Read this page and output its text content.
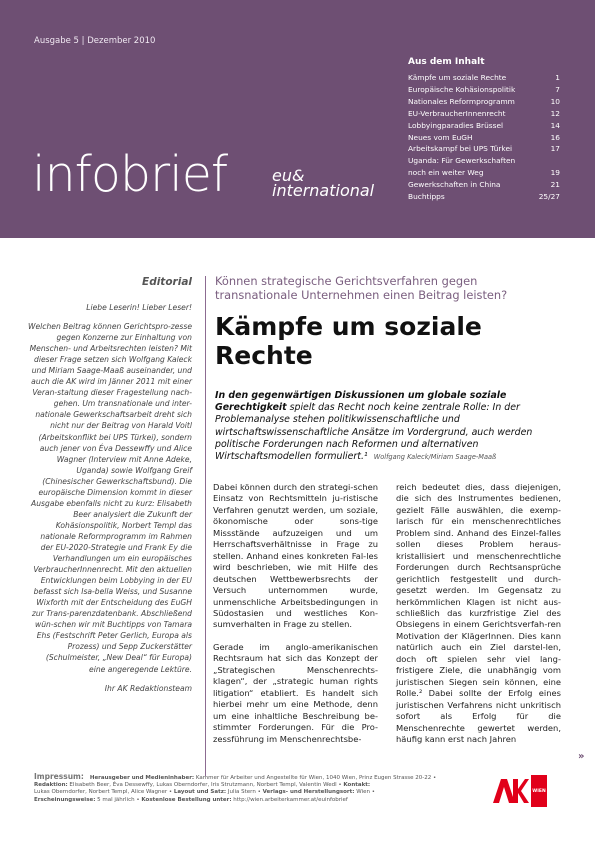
Ausgabe 5 | Dezember 2010
infobrief	eu&
international
Aus dem Inhalt
Kämpfe um soziale Rechte	1
Europäische Kohäsionspolitik	7
Nationales Reformprogramm	10
EU-VerbraucherInnenrecht	12
Lobbyingparadies Brüssel	14
Neues vom EuGH	16
Arbeitskampf bei UPS Türkei	17
Uganda: Für Gewerkschaften
noch ein weiter Weg	19
Gewerkschaften in China	21
Buchtipps	25/27
Editorial

Liebe Leserin! Lieber Leser!

Welchen Beitrag können Gerichtspro-zesse gegen Konzerne zur Einhaltung von Menschen- und Arbeitsrechten leisten? Mit dieser Frage setzen sich Wolfgang Kaleck und Miriam Saage-Maaß auseinander, und auch die AK wird im Jänner 2011 mit einer Veran-staltung dieser Fragestellung nach-gehen. Um transnationale und inter-nationale Gewerkschaftsarbeit dreht sich nicht nur der Beitrag von Harald Voitl (Arbeitskonflikt bei UPS Türkei), sondern auch jener von Éva Dessewffy und Alice Wagner (Interview mit Anne Adeke, Uganda) sowie Wolfgang Greif (Chinesischer Gewerkschaftsbund). Die europäische Dimension kommt in dieser Ausgabe ebenfalls nicht zu kurz: Elisabeth Beer analysiert die Zukunft der Kohäsionspolitik, Norbert Templ das nationale Reformprogramm im Rahmen der EU-2020-Strategie und Frank Ey die Verhandlungen um ein europäisches VerbraucherInnenrecht. Mit den aktuellen Entwicklungen beim Lobbying in der EU befasst sich Isa-bella Weiss, und Susanne Wixforth mit der Entscheidung des EuGH zur Trans-parenzdatenbank. Abschließend wün-schen wir mit Buchtipps von Tamara Ehs (Festschrift Peter Gerlich, Europa als Prozess) und Sepp Zuckerstätter (Schulmeister, „New Deal“ für Europa) eine angeregende Lektüre.

Ihr AK Redaktionsteam

Können strategische Gerichtsverfahren gegen transnationale Unternehmen einen Beitrag leisten?
Kämpfe um soziale Rechte
In den gegenwärtigen Diskussionen um globale soziale Gerechtigkeit spielt das Recht noch keine zentrale Rolle: In der Problemanalyse stehen politikwissenschaftliche und wirtschaftswissenschaftliche Ansätze im Vordergrund, auch werden politische Forderungen nach Reformen und alternativen Wirtschaftsmodellen formuliert.¹ Wolfgang Kaleck/Miriam Saage-Maaß

Dabei können durch den strategi-schen Einsatz von Rechtsmitteln ju-ristische Verfahren genutzt werden, um soziale, ökonomische oder sons-tige Missstände aufzuzeigen und um Herrschaftsverhältnisse in Frage zu stellen. Anhand eines konkreten Fal-les wird beschrieben, wie mit Hilfe des deutschen Wettbewerbsrechts der Versuch unternommen wurde, unmenschliche Arbeitsbedingungen in Südostasien und westliches Kon-sumverhalten in Frage zu stellen.

Gerade im anglo-amerikanischen Rechtsraum hat sich das Konzept der „Strategischen Menschenrechts-klagen“, der „strategic human rights litigation“ etabliert. Es handelt sich hierbei mehr um eine Methode, denn um eine inhaltliche Beschreibung be-stimmter Forderungen. Für die Pro-zessführung im Menschenrechtsbe-

reich bedeutet dies, dass diejenigen, die sich des Instrumentes bedienen, gezielt Fälle auswählen, die exemp-larisch für ein menschenrechtliches Problem sind. Anhand des Einzel-falles sollen dieses Problem heraus-kristallisiert und menschenrechtliche Forderungen durch Rechtsansprüche gerichtlich festgestellt und durch-gesetzt werden. Im Gegensatz zu herkömmlichen Klagen ist nicht aus-schließlich das kurzfristige Ziel des Obsiegens in einem Gerichtsverfah-ren Motivation der KlägerInnen. Dies kann natürlich auch ein Ziel darstel-len, doch oft spielen sehr viel lang-fristigere Ziele, die unabhängig vom juristischen Siegen sein können, eine Rolle.² Dabei sollte der Erfolg eines juristischen Verfahrens nicht unkritisch sofort als Erfolg für die Menschenrechte gewertet werden, häufig kann erst nach Jahren

»
Impressum: Herausgeber und Medieninhaber: Kammer für Arbeiter und Angestellte für Wien, 1040 Wien, Prinz Eugen Strasse 20-22 •
Redaktion: Elisabeth Beer, Éva Dessewffy, Lukas Oberndorfer, Iris Strutzmann, Norbert Templ, Valentin Wedl • Kontakt:
Lukas Oberndorfer, Norbert Templ, Alice Wagner • Layout und Satz: Julia Stern • Verlags- und Herstellungsort: Wien •
Erscheinungsweise: 5 mal jährlich • Kostenlose Bestellung unter: http://wien.arbeiterkammer.at/euinfobrief
WIEN
